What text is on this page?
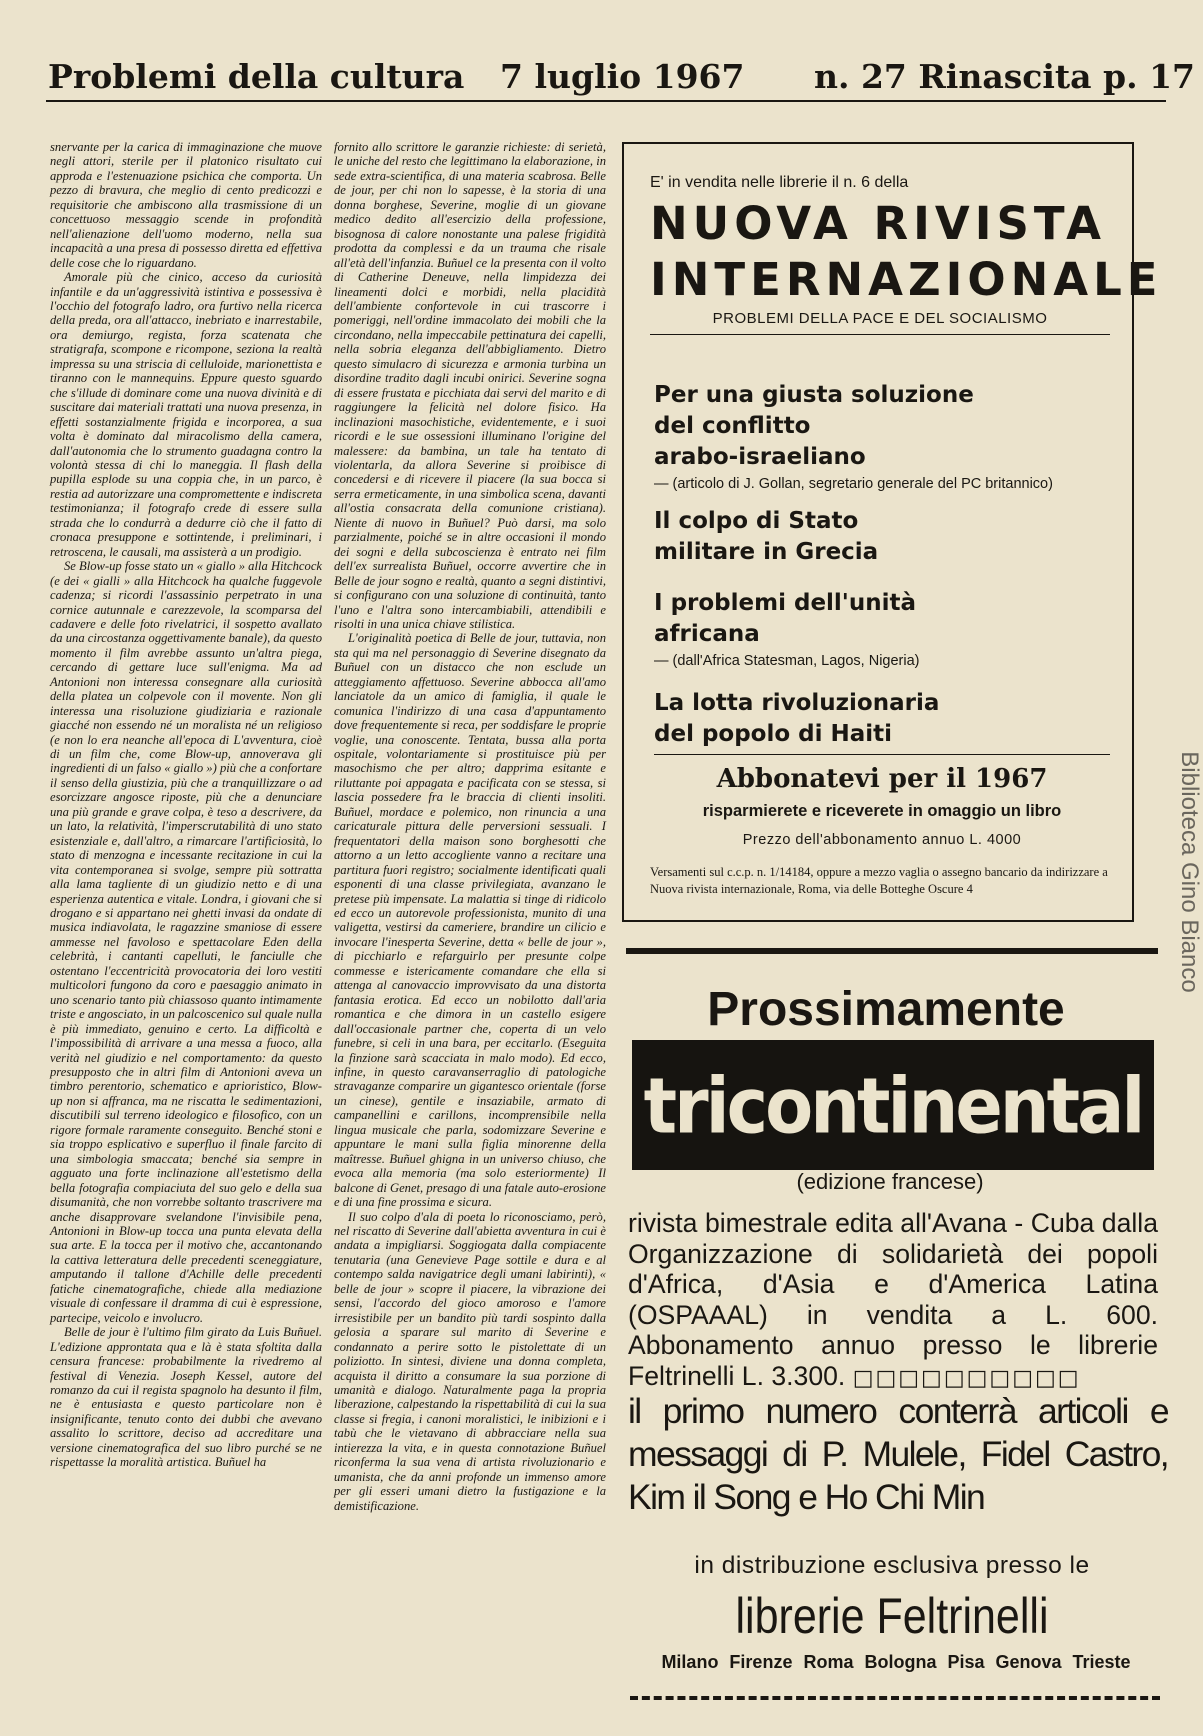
Problemi della cultura 7 luglio 1967 n. 27 Rinascita p. 17

snervante per la carica di immaginazione che muove negli attori, sterile per il platonico risultato cui approda e l'estenuazione psichica che comporta. Un pezzo di bravura, che meglio di cento predicozzi e requisitorie che ambiscono alla trasmissione di un concettuoso messaggio scende in profondità nell'alienazione dell'uomo moderno, nella sua incapacità a una presa di possesso diretta ed effettiva delle cose che lo riguardano.

Amorale più che cinico, acceso da curiosità infantile e da un'aggressività istintiva e possessiva è l'occhio del fotografo ladro, ora furtivo nella ricerca della preda, ora all'attacco, inebriato e inarrestabile, ora demiurgo, regista, forza scatenata che stratigrafa, scompone e ricompone, seziona la realtà impressa su una striscia di celluloide, marionettista e tiranno con le mannequins. Eppure questo sguardo che s'illude di dominare come una nuova divinità e di suscitare dai materiali trattati una nuova presenza, in effetti sostanzialmente frigida e incorporea, a sua volta è dominato dal miracolismo della camera, dall'autonomia che lo strumento guadagna contro la volontà stessa di chi lo maneggia. Il flash della pupilla esplode su una coppia che, in un parco, è restia ad autorizzare una compromettente e indiscreta testimonianza; il fotografo crede di essere sulla strada che lo condurrà a dedurre ciò che il fatto di cronaca presuppone e sottintende, i preliminari, i retroscena, le causali, ma assisterà a un prodigio.

Se Blow-up fosse stato un « giallo » alla Hitchcock (e dei « gialli » alla Hitchcock ha qualche fuggevole cadenza; si ricordi l'assassinio perpetrato in una cornice autunnale e carezzevole, la scomparsa del cadavere e delle foto rivelatrici, il sospetto avallato da una circostanza oggettivamente banale), da questo momento il film avrebbe assunto un'altra piega, cercando di gettare luce sull'enigma. Ma ad Antonioni non interessa consegnare alla curiosità della platea un colpevole con il movente. Non gli interessa una risoluzione giudiziaria e razionale giacché non essendo né un moralista né un religioso (e non lo era neanche all'epoca di L'avventura, cioè di un film che, come Blow-up, annoverava gli ingredienti di un falso « giallo ») più che a confortare il senso della giustizia, più che a tranquillizzare o ad esorcizzare angosce riposte, più che a denunciare una più grande e grave colpa, è teso a descrivere, da un lato, la relatività, l'imperscrutabilità di uno stato esistenziale e, dall'altro, a rimarcare l'artificiosità, lo stato di menzogna e incessante recitazione in cui la vita contemporanea si svolge, sempre più sottratta alla lama tagliente di un giudizio netto e di una esperienza autentica e vitale. Londra, i giovani che si drogano e si appartano nei ghetti invasi da ondate di musica indiavolata, le ragazzine smaniose di essere ammesse nel favoloso e spettacolare Eden della celebrità, i cantanti capelluti, le fanciulle che ostentano l'eccentricità provocatoria dei loro vestiti multicolori fungono da coro e paesaggio animato in uno scenario tanto più chiassoso quanto intimamente triste e angosciato, in un palcoscenico sul quale nulla è più immediato, genuino e certo. La difficoltà e l'impossibilità di arrivare a una messa a fuoco, alla verità nel giudizio e nel comportamento: da questo presupposto che in altri film di Antonioni aveva un timbro perentorio, schematico e aprioristico, Blow-up non si affranca, ma ne riscatta le sedimentazioni, discutibili sul terreno ideologico e filosofico, con un rigore formale raramente conseguito. Benché stoni e sia troppo esplicativo e superfluo il finale farcito di una simbologia smaccata; benché sia sempre in agguato una forte inclinazione all'estetismo della bella fotografia compiaciuta del suo gelo e della sua disumanità, che non vorrebbe soltanto trascrivere ma anche disapprovare svelandone l'invisibile pena, Antonioni in Blow-up tocca una punta elevata della sua arte. E la tocca per il motivo che, accantonando la cattiva letteratura delle precedenti sceneggiature, amputando il tallone d'Achille delle precedenti fatiche cinematografiche, chiede alla mediazione visuale di confessare il dramma di cui è espressione, partecipe, veicolo e involucro.

Belle de jour è l'ultimo film girato da Luis Buñuel. L'edizione approntata qua e là è stata sfoltita dalla censura francese: probabilmente la rivedremo al festival di Venezia. Joseph Kessel, autore del romanzo da cui il regista spagnolo ha desunto il film, ne è entusiasta e questo particolare non è insignificante, tenuto conto dei dubbi che avevano assalito lo scrittore, deciso ad accreditare una versione cinematografica del suo libro purché se ne rispettasse la moralità artistica. Buñuel ha

fornito allo scrittore le garanzie richieste: di serietà, le uniche del resto che legittimano la elaborazione, in sede extra-scientifica, di una materia scabrosa. Belle de jour, per chi non lo sapesse, è la storia di una donna borghese, Severine, moglie di un giovane medico dedito all'esercizio della professione, bisognosa di calore nonostante una palese frigidità prodotta da complessi e da un trauma che risale all'età dell'infanzia. Buñuel ce la presenta con il volto di Catherine Deneuve, nella limpidezza dei lineamenti dolci e morbidi, nella placidità dell'ambiente confortevole in cui trascorre i pomeriggi, nell'ordine immacolato dei mobili che la circondano, nella impeccabile pettinatura dei capelli, nella sobria eleganza dell'abbigliamento. Dietro questo simulacro di sicurezza e armonia turbina un disordine tradito dagli incubi onirici. Severine sogna di essere frustata e picchiata dai servi del marito e di raggiungere la felicità nel dolore fisico. Ha inclinazioni masochistiche, evidentemente, e i suoi ricordi e le sue ossessioni illuminano l'origine del malessere: da bambina, un tale ha tentato di violentarla, da allora Severine si proibisce di concedersi e di ricevere il piacere (la sua bocca si serra ermeticamente, in una simbolica scena, davanti all'ostia consacrata della comunione cristiana). Niente di nuovo in Buñuel? Può darsi, ma solo parzialmente, poiché se in altre occasioni il mondo dei sogni e della subcoscienza è entrato nei film dell'ex surrealista Buñuel, occorre avvertire che in Belle de jour sogno e realtà, quanto a segni distintivi, si configurano con una soluzione di continuità, tanto l'uno e l'altra sono intercambiabili, attendibili e risolti in una unica chiave stilistica.

L'originalità poetica di Belle de jour, tuttavia, non sta qui ma nel personaggio di Severine disegnato da Buñuel con un distacco che non esclude un atteggiamento affettuoso. Severine abbocca all'amo lanciatole da un amico di famiglia, il quale le comunica l'indirizzo di una casa d'appuntamento dove frequentemente si reca, per soddisfare le proprie voglie, una conoscente. Tentata, bussa alla porta ospitale, volontariamente si prostituisce più per masochismo che per altro; dapprima esitante e riluttante poi appagata e pacificata con se stessa, si lascia possedere fra le braccia di clienti insoliti. Buñuel, mordace e polemico, non rinuncia a una caricaturale pittura delle perversioni sessuali. I frequentatori della maison sono borghesotti che attorno a un letto accogliente vanno a recitare una partitura fuori registro; socialmente identificati quali esponenti di una classe privilegiata, avanzano le pretese più impensate. La malattia si tinge di ridicolo ed ecco un autorevole professionista, munito di una valigetta, vestirsi da cameriere, brandire un cilicio e invocare l'inesperta Severine, detta « belle de jour », di picchiarlo e refarguirlo per presunte colpe commesse e istericamente comandare che ella si attenga al canovaccio improvvisato da una distorta fantasia erotica. Ed ecco un nobilotto dall'aria romantica e che dimora in un castello esigere dall'occasionale partner che, coperta di un velo funebre, si celi in una bara, per eccitarlo. (Eseguita la finzione sarà scacciata in malo modo). Ed ecco, infine, in questo caravanserraglio di patologiche stravaganze comparire un gigantesco orientale (forse un cinese), gentile e insaziabile, armato di campanellini e carillons, incomprensibile nella lingua musicale che parla, sodomizzare Severine e appuntare le mani sulla figlia minorenne della maîtresse. Buñuel ghigna in un universo chiuso, che evoca alla memoria (ma solo esteriormente) Il balcone di Genet, presago di una fatale auto-erosione e di una fine prossima e sicura.

Il suo colpo d'ala di poeta lo riconosciamo, però, nel riscatto di Severine dall'abietta avventura in cui è andata a impigliarsi. Soggiogata dalla compiacente tenutaria (una Genevieve Page sottile e dura e al contempo salda navigatrice degli umani labirinti), « belle de jour » scopre il piacere, la vibrazione dei sensi, l'accordo del gioco amoroso e l'amore irresistibile per un bandito più tardi sospinto dalla gelosia a sparare sul marito di Severine e condannato a perire sotto le pistolettate di un poliziotto. In sintesi, diviene una donna completa, acquista il diritto a consumare la sua porzione di umanità e dialogo. Naturalmente paga la propria liberazione, calpestando la rispettabilità di cui la sua classe si fregia, i canoni moralistici, le inibizioni e i tabù che le vietavano di abbracciare nella sua intierezza la vita, e in questa connotazione Buñuel riconferma la sua vena di artista rivoluzionario e umanista, che da anni profonde un immenso amore per gli esseri umani dietro la fustigazione e la demistificazione.

E' in vendita nelle librerie il n. 6 della
NUOVA RIVISTA
INTERNAZIONALE
PROBLEMI DELLA PACE E DEL SOCIALISMO
Per una giusta soluzione
del conflitto
arabo-israeliano
— (articolo di J. Gollan, segretario generale del PC britannico)
Il colpo di Stato
militare in Grecia
I problemi dell'unità
africana
— (dall'Africa Statesman, Lagos, Nigeria)
La lotta rivoluzionaria
del popolo di Haiti
Abbonatevi per il 1967
risparmierete e riceverete in omaggio un libro
Prezzo dell'abbonamento annuo L. 4000
Versamenti sul c.c.p. n. 1/14184, oppure a mezzo vaglia o assegno bancario da indirizzare a Nuova rivista internazionale, Roma, via delle Botteghe Oscure 4
Prossimamente
tricontinental
(edizione francese)
rivista bimestrale edita all'Avana - Cuba dalla Organizzazione di solidarietà dei popoli d'Africa, d'Asia e d'America Latina (OSPAAAL) in vendita a L. 600. Abbonamento annuo presso le librerie Feltrinelli L. 3.300. □□□□□□□□□□
il primo numero conterrà articoli e messaggi di P. Mulele, Fidel Castro, Kim il Song e Ho Chi Min
in distribuzione esclusiva presso le
librerie Feltrinelli
Milano Firenze Roma Bologna Pisa Genova Trieste
Biblioteca Gino Bianco
